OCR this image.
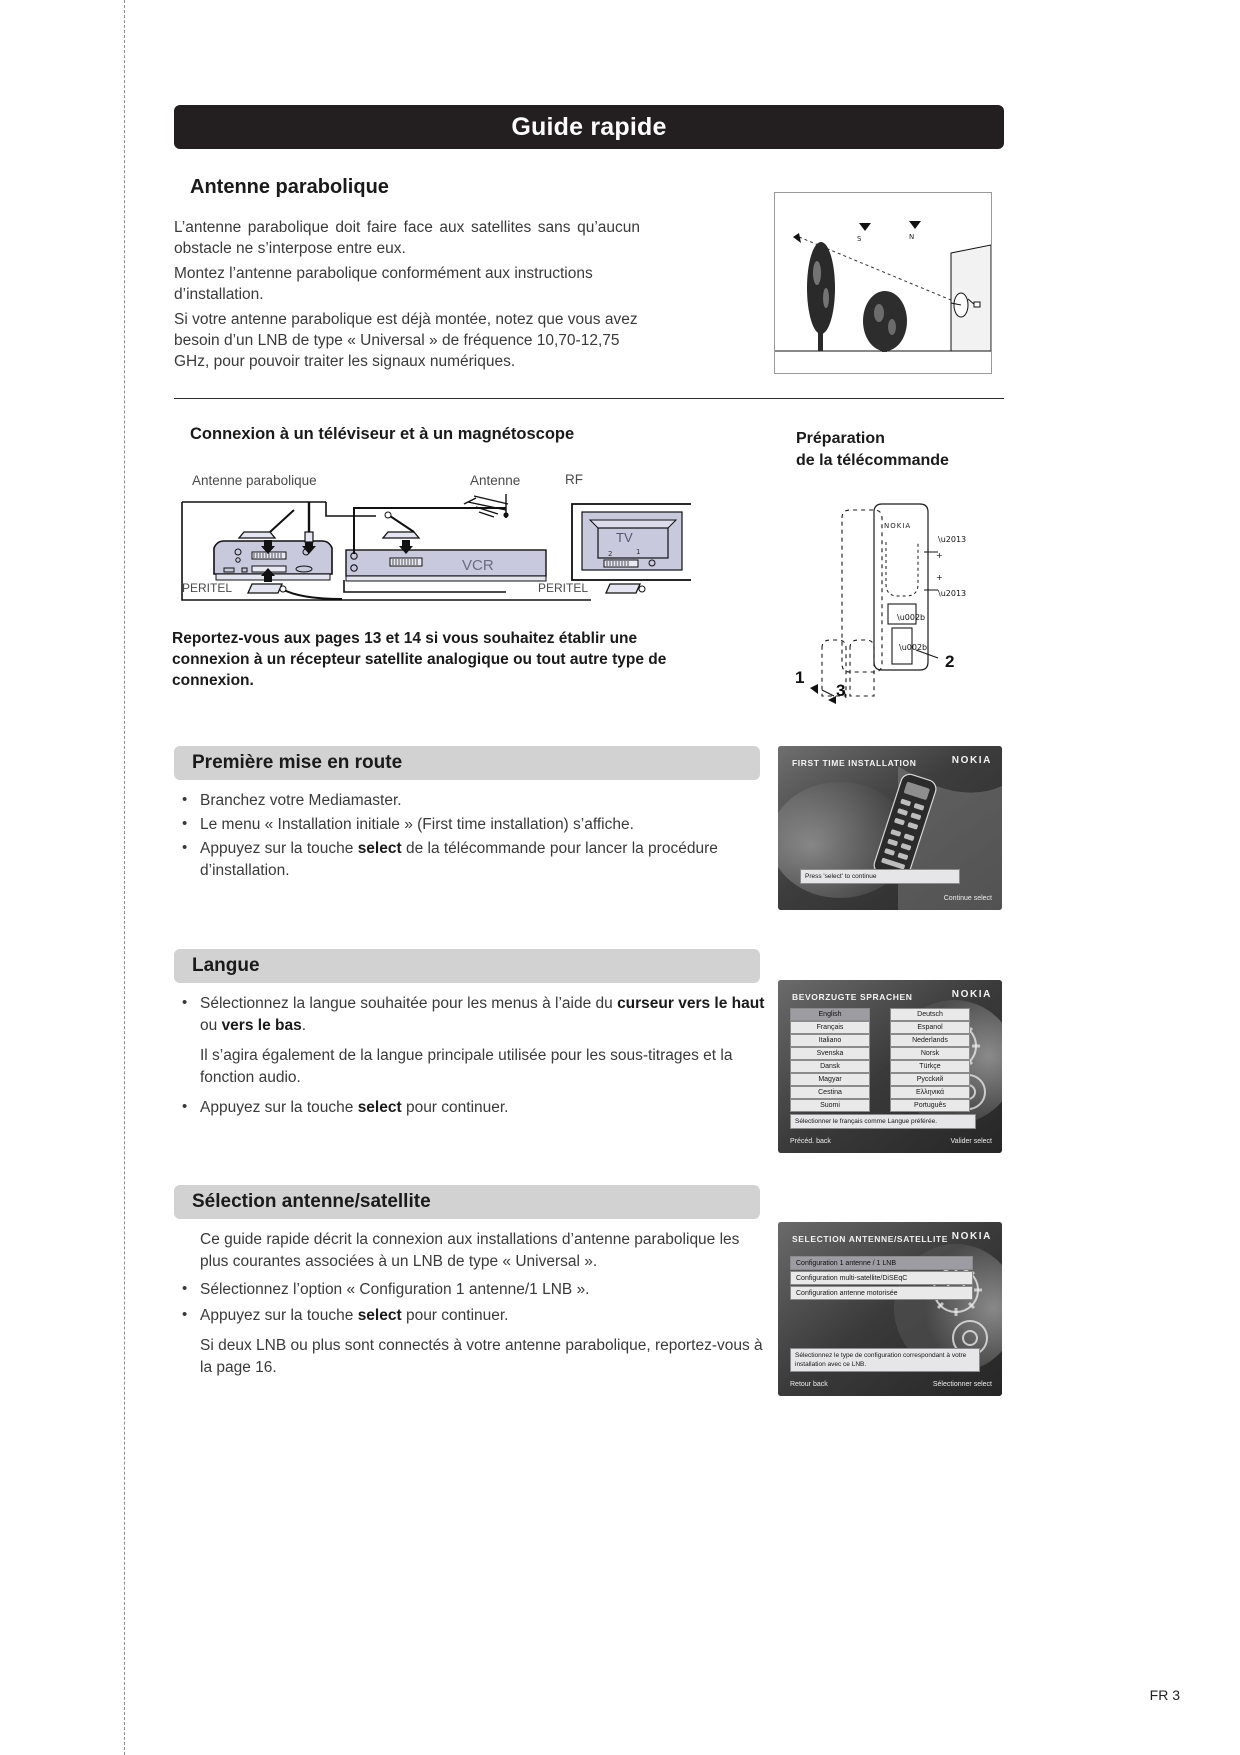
Guide rapide
Antenne parabolique
L’antenne parabolique doit faire face aux satellites sans qu’aucun obstacle ne s’interpose entre eux.
Montez l’antenne parabolique conformément aux instructions d’installation.
Si votre antenne parabolique est déjà montée, notez que vous avez besoin d’un LNB de type « Universal » de fréquence 10,70-12,75 GHz, pour pouvoir traiter les signaux numériques.
S	N
Connexion à un téléviseur et à un magnétoscope	Préparation
de la télécommande
Antenne parabolique	Antenne	RF
PERITEL
VCR
TV
2	1
PERITEL
NOKIA
+
\u2013
+
\u2013
\u002b
\u002b
1
2
3
Reportez-vous aux pages 13 et 14 si vous souhaitez établir une connexion à un récepteur satellite analogique ou tout autre type de connexion.
Première mise en route
• Branchez votre Mediamaster.
• Le menu « Installation initiale » (First time installation) s’affiche.
• Appuyez sur la touche select de la télécommande pour lancer la procédure d’installation.
FIRST TIME INSTALLATION	NOKIA
Press 'select' to continue
Continue select
Langue
• Sélectionnez la langue souhaitée pour les menus à l’aide du curseur vers le haut ou vers le bas.
Il s’agira également de la langue principale utilisée pour les sous-titrages et la fonction audio.
• Appuyez sur la touche select pour continuer.
BEVORZUGTE SPRACHEN	NOKIA
English
Français
Italiano
Svenska
Dansk
Magyar
Cestina
Suomi
Deutsch
Espanol
Nederlands
Norsk
Türkçe
Pycckий
Eλληνικά
Português
Sélectionner le français comme Langue préférée.
Précéd. back	Valider select
Sélection antenne/satellite
Ce guide rapide décrit la connexion aux installations d’antenne parabolique les plus courantes associées à un LNB de type « Universal ».
• Sélectionnez l’option « Configuration 1 antenne/1 LNB ».
• Appuyez sur la touche select pour continuer.
Si deux LNB ou plus sont connectés à votre antenne parabolique, reportez-vous à la page 16.
SELECTION ANTENNE/SATELLITE NOKIA
Configuration 1 antenne / 1 LNB
Configuration multi-satellite/DiSEqC
Configuration antenne motorisée
Sélectionnez le type de configuration correspondant à votre installation avec ce LNB.
Retour back	Sélectionner select
FR 3
